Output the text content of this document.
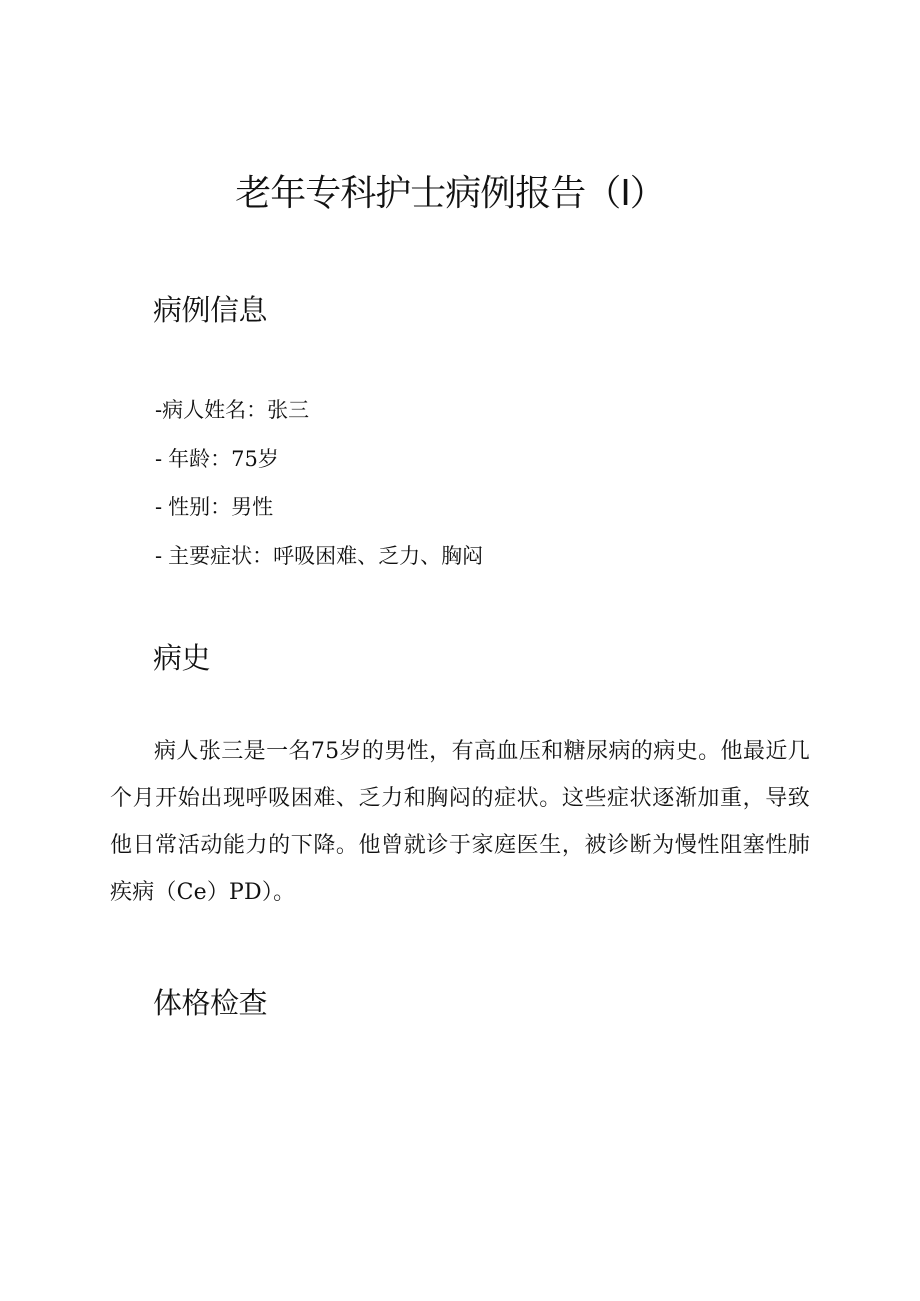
老年专科护士病例报告（I）
病例信息
-病人姓名：张三
- 年龄：75岁
- 性别：男性
- 主要症状：呼吸困难、乏力、胸闷
病史

病人张三是一名75岁的男性，有高血压和糖尿病的病史。他最近几个月开始出现呼吸困难、乏力和胸闷的症状。这些症状逐渐加重，导致他日常活动能力的下降。他曾就诊于家庭医生，被诊断为慢性阻塞性肺疾病（Ce）PD）。

体格检查
